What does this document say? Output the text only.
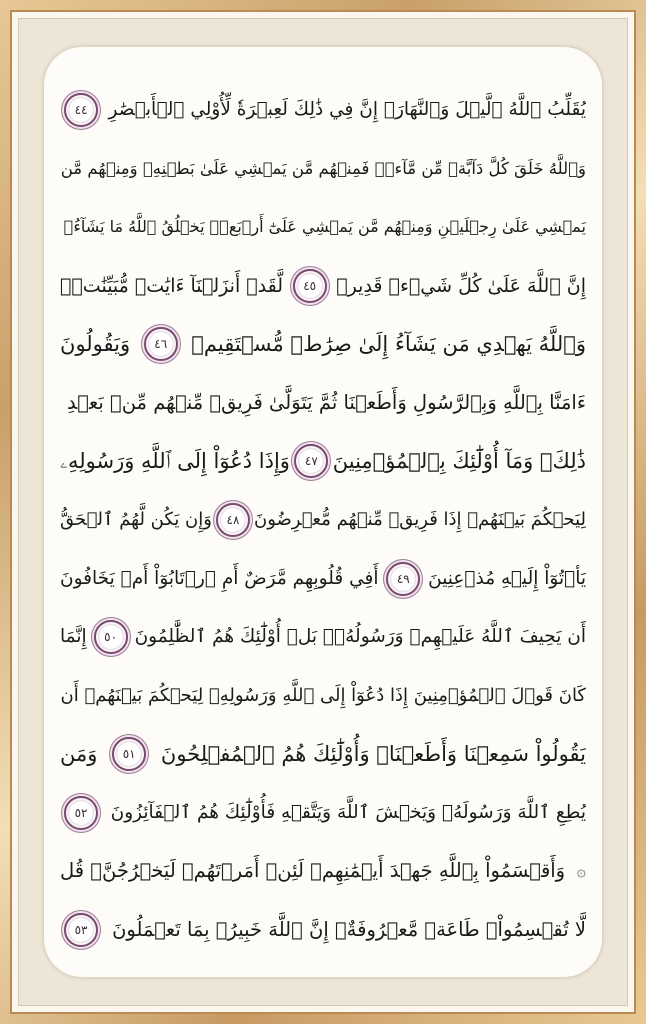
يُقَلِّبُ ٱللَّهُ ٱلَّيۡلَ وَٱلنَّهَارَۚ إِنَّ فِي ذَٰلِكَ لَعِبۡرَةٗ لِّأُوْلِي ٱلۡأَبۡصَٰرِ
٤٤
وَٱللَّهُ خَلَقَ كُلَّ دَآبَّةٖ مِّن مَّآءٖۖ فَمِنۡهُم مَّن يَمۡشِي عَلَىٰ بَطۡنِهِۦ وَمِنۡهُم مَّن
يَمۡشِي عَلَىٰ رِجۡلَيۡنِ وَمِنۡهُم مَّن يَمۡشِي عَلَىٰٓ أَرۡبَعٖۚ يَخۡلُقُ ٱللَّهُ مَا يَشَآءُۚ
إِنَّ ٱللَّهَ عَلَىٰ كُلِّ شَيۡءٖ قَدِيرٞ
٤٥
لَّقَدۡ أَنزَلۡنَآ ءَايَٰتٖ مُّبَيِّنَٰتٖۚ
وَٱللَّهُ يَهۡدِي مَن يَشَآءُ إِلَىٰ صِرَٰطٖ مُّسۡتَقِيمٖ
٤٦
وَيَقُولُونَ
ءَامَنَّا بِٱللَّهِ وَبِٱلرَّسُولِ وَأَطَعۡنَا ثُمَّ يَتَوَلَّىٰ فَرِيقٞ مِّنۡهُم مِّنۢ بَعۡدِ
ذَٰلِكَۚ وَمَآ أُوْلَٰٓئِكَ بِٱلۡمُؤۡمِنِينَ
٤٧
وَإِذَا دُعُوٓاْ إِلَى ٱللَّهِ وَرَسُولِهِۦ
لِيَحۡكُمَ بَيۡنَهُمۡ إِذَا فَرِيقٞ مِّنۡهُم مُّعۡرِضُونَ
٤٨
وَإِن يَكُن لَّهُمُ ٱلۡحَقُّ
يَأۡتُوٓاْ إِلَيۡهِ مُذۡعِنِينَ
٤٩
أَفِي قُلُوبِهِم مَّرَضٌ أَمِ ٱرۡتَابُوٓاْ أَمۡ يَخَافُونَ
أَن يَحِيفَ ٱللَّهُ عَلَيۡهِمۡ وَرَسُولُهُۥۚ بَلۡ أُوْلَٰٓئِكَ هُمُ ٱلظَّٰلِمُونَ
٥٠
إِنَّمَا
كَانَ قَوۡلَ ٱلۡمُؤۡمِنِينَ إِذَا دُعُوٓاْ إِلَى ٱللَّهِ وَرَسُولِهِۦ لِيَحۡكُمَ بَيۡنَهُمۡ أَن
يَقُولُواْ سَمِعۡنَا وَأَطَعۡنَاۚ وَأُوْلَٰٓئِكَ هُمُ ٱلۡمُفۡلِحُونَ
٥١
وَمَن
يُطِعِ ٱللَّهَ وَرَسُولَهُۥ وَيَخۡشَ ٱللَّهَ وَيَتَّقۡهِ فَأُوْلَٰٓئِكَ هُمُ ٱلۡفَآئِزُونَ
٥٢
۞
وَأَقۡسَمُواْ بِٱللَّهِ جَهۡدَ أَيۡمَٰنِهِمۡ لَئِنۡ أَمَرۡتَهُمۡ لَيَخۡرُجُنَّۖ قُل
لَّا تُقۡسِمُواْۖ طَاعَةٞ مَّعۡرُوفَةٌۚ إِنَّ ٱللَّهَ خَبِيرُۢ بِمَا تَعۡمَلُونَ
٥٣
